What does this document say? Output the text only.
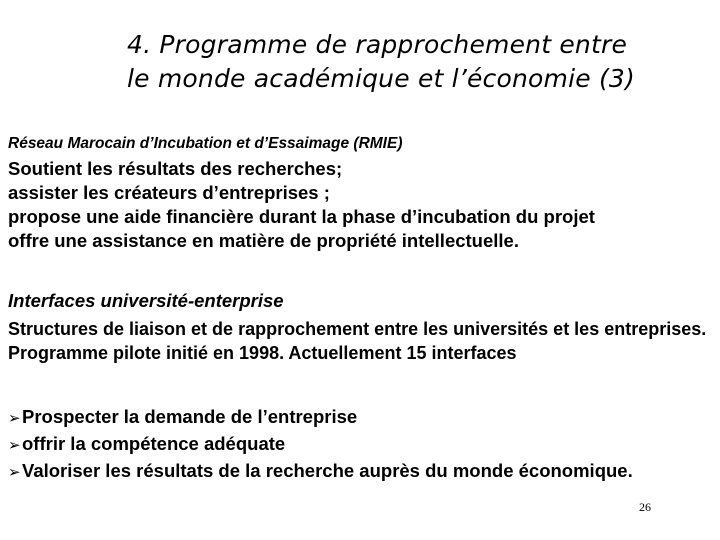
4. Programme de rapprochement entre
le monde académique et l’économie (3)
Réseau Marocain d’Incubation et d’Essaimage (RMIE)
Soutient les résultats des recherches;
assister les créateurs d’entreprises ;
propose une aide financière durant la phase d’incubation du projet
offre une assistance en matière de propriété intellectuelle.
Interfaces université-enterprise
Structures de liaison et de rapprochement entre les universités et les entreprises.
Programme pilote initié en 1998. Actuellement 15 interfaces
➢Prospecter la demande de l’entreprise
➢offrir la compétence adéquate
➢Valoriser les résultats de la recherche auprès du monde économique.
26
